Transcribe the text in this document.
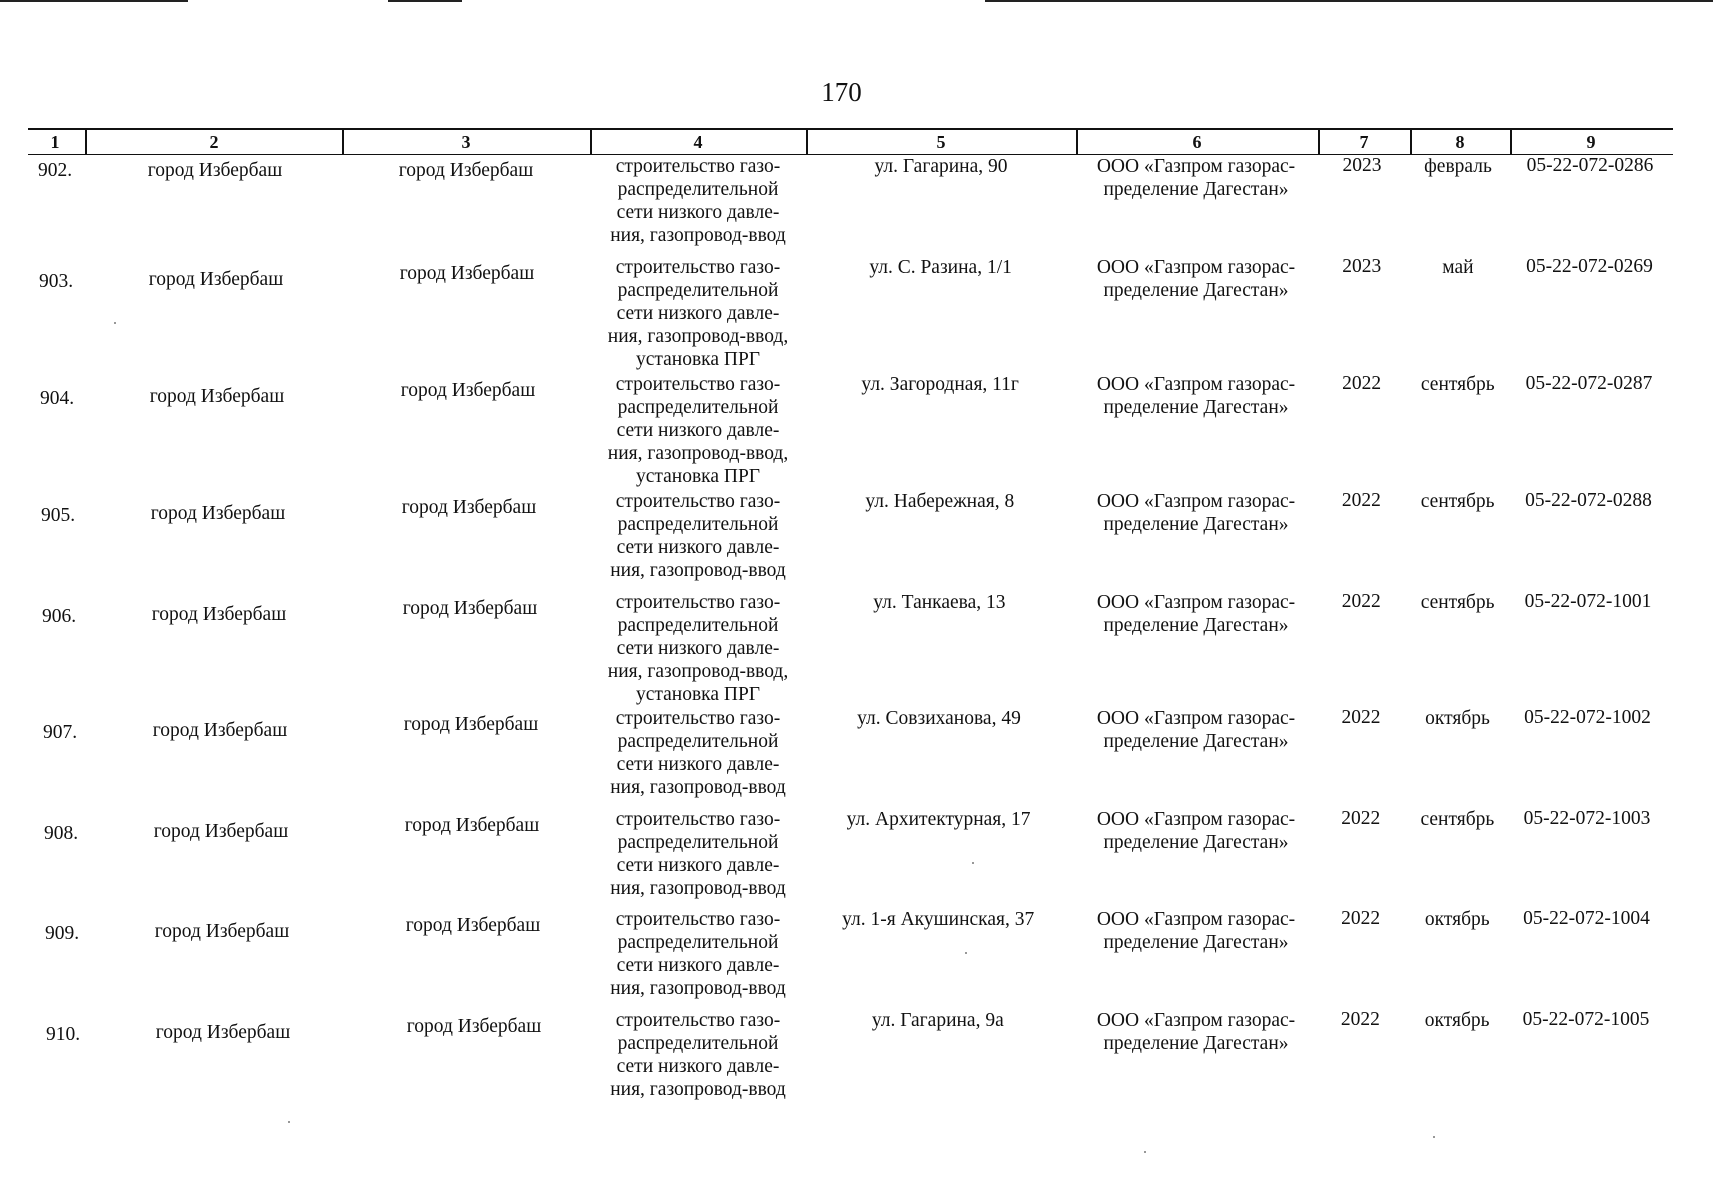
170
1	2	3	4	5	6	7	8	9
902.	город Избербаш	город Избербаш	строительство газо-
распределительной
сети низкого давле-
ния, газопровод-ввод
ул. Гагарина, 90	ООО «Газпром газорас-
пределение Дагестан»
2023 февраль 05-22-072-0286
903.	город Избербаш	город Избербаш	строительство газо-
распределительной
сети низкого давле-
ния, газопровод-ввод,
установка ПРГ
ул. С. Разина, 1/1	ООО «Газпром газорас-
пределение Дагестан»
2023	май	05-22-072-0269
904.	город Избербаш	город Избербаш	строительство газо-
распределительной
сети низкого давле-
ния, газопровод-ввод,
установка ПРГ
ул. Загородная, 11г	ООО «Газпром газорас-
пределение Дагестан»
2022 сентябрь 05-22-072-0287
905.	город Избербаш	город Избербаш	строительство газо-
распределительной
сети низкого давле-
ния, газопровод-ввод
ул. Набережная, 8	ООО «Газпром газорас-
пределение Дагестан»
2022 сентябрь 05-22-072-0288
906.	город Избербаш	город Избербаш	строительство газо-
распределительной
сети низкого давле-
ния, газопровод-ввод,
установка ПРГ
ул. Танкаева, 13	ООО «Газпром газорас-
пределение Дагестан»
2022 сентябрь 05-22-072-1001
907.	город Избербаш	город Избербаш	строительство газо-
распределительной
сети низкого давле-
ния, газопровод-ввод
ул. Совзиханова, 49	ООО «Газпром газорас-
пределение Дагестан»
2022 октябрь 05-22-072-1002
908.	город Избербаш	город Избербаш	строительство газо-
распределительной
сети низкого давле-
ния, газопровод-ввод
ул. Архитектурная, 17	ООО «Газпром газорас-
пределение Дагестан»
2022 сентябрь 05-22-072-1003
909.	город Избербаш	город Избербаш	строительство газо-
распределительной
сети низкого давле-
ния, газопровод-ввод
ул. 1-я Акушинская, 37	ООО «Газпром газорас-
пределение Дагестан»
2022 октябрь 05-22-072-1004
910.	город Избербаш	город Избербаш	строительство газо-
распределительной
сети низкого давле-
ния, газопровод-ввод
ул. Гагарина, 9а	ООО «Газпром газорас-
пределение Дагестан»
2022 октябрь 05-22-072-1005
